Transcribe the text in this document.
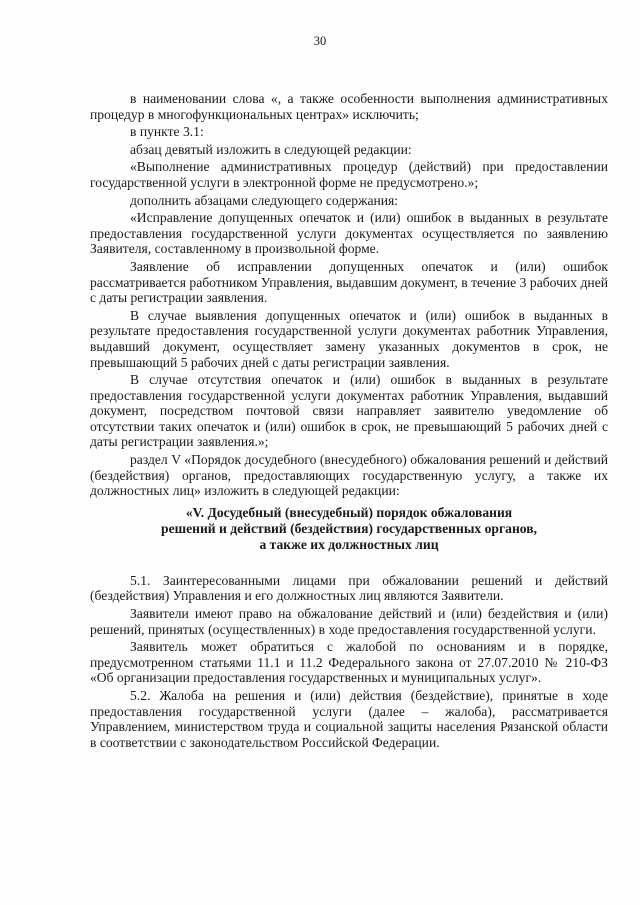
30

в наименовании слова «, а также особенности выполнения административных процедур в многофункциональных центрах» исключить;

в пункте 3.1:

абзац девятый изложить в следующей редакции:

«Выполнение административных процедур (действий) при предоставлении государственной услуги в электронной форме не предусмотрено.»;

дополнить абзацами следующего содержания:

«Исправление допущенных опечаток и (или) ошибок в выданных в результате предоставления государственной услуги документах осуществляется по заявлению Заявителя, составленному в произвольной форме.

Заявление об исправлении допущенных опечаток и (или) ошибок рассматривается работником Управления, выдавшим документ, в течение 3 рабочих дней с даты регистрации заявления.

В случае выявления допущенных опечаток и (или) ошибок в выданных в результате предоставления государственной услуги документах работник Управления, выдавший документ, осуществляет замену указанных документов в срок, не превышающий 5 рабочих дней с даты регистрации заявления.

В случае отсутствия опечаток и (или) ошибок в выданных в результате предоставления государственной услуги документах работник Управления, выдавший документ, посредством почтовой связи направляет заявителю уведомление об отсутствии таких опечаток и (или) ошибок в срок, не превышающий 5 рабочих дней с даты регистрации заявления.»;

раздел V «Порядок досудебного (внесудебного) обжалования решений и действий (бездействия) органов, предоставляющих государственную услугу, а также их должностных лиц» изложить в следующей редакции:

«V. Досудебный (внесудебный) порядок обжалования

решений и действий (бездействия) государственных органов,

а также их должностных лиц

5.1. Заинтересованными лицами при обжаловании решений и действий (бездействия) Управления и его должностных лиц являются Заявители.

Заявители имеют право на обжалование действий и (или) бездействия и (или) решений, принятых (осуществленных) в ходе предоставления государственной услуги.

Заявитель может обратиться с жалобой по основаниям и в порядке, предусмотренном статьями 11.1 и 11.2 Федерального закона от 27.07.2010 № 210-ФЗ «Об организации предоставления государственных и муниципальных услуг».

5.2. Жалоба на решения и (или) действия (бездействие), принятые в ходе предоставления государственной услуги (далее – жалоба), рассматривается Управлением, министерством труда и социальной защиты населения Рязанской области в соответствии с законодательством Российской Федерации.
